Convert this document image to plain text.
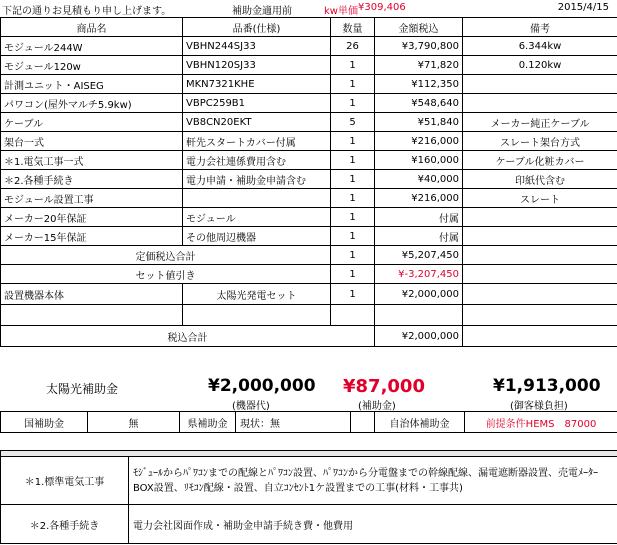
下記の通りお見積もり申し上げます。	補助金適用前	kw単価 ¥309,406	2015/4/15
商品名	品番(仕様)	数量	金額税込	備考
モジュール244W	VBHN244SJ33	26	¥3,790,800	6.344kw
モジュール120w	VBHN120SJ33	1	¥71,820	0.120kw
計測ユニット・AISEG	MKN7321KHE	1	¥112,350	
パワコン(屋外マルチ5.9kw)	VBPC259B1	1	¥548,640	
ケーブル	VB8CN20EKT	5	¥51,840	メーカー純正ケーブル
架台一式	軒先スタートカバー付属	1	¥216,000	スレート架台方式
＊1.電気工事一式	電力会社連係費用含む	1	¥160,000	ケーブル化粧カバー
＊2.各種手続き	電力申請・補助金申請含む	1	¥40,000	印紙代含む
モジュール設置工事		1	¥216,000	スレート
メーカー20年保証	モジュール	1	付属	
メーカー15年保証	その他周辺機器	1	付属	
定価税込合計		1	¥5,207,450	
セット値引き		1	¥-3,207,450	
設置機器本体	太陽光発電セット	1	¥2,000,000	

税込合計			¥2,000,000	
太陽光補助金	¥2,000,000
(機器代)
¥87,000
(補助金)
¥1,913,000
(御客様負担)
国補助金	無	県補助金	現状：無		自治体補助金	前提条件HEMS　87000

＊1.標準電気工事	ﾓｼﾞｭｰﾙからﾊﾟﾜｺﾝまでの配線とﾊﾟﾜｺﾝ設置、ﾊﾟﾜｺﾝから分電盤までの幹線配線、漏電遮断器設置、売電ﾒｰﾀｰBOX設置、ﾘﾓｺﾝ配線・設置、自立ｺﾝｾﾝﾄ1ケ設置までの工事(材料・工事共)
＊2.各種手続き	電力会社図面作成・補助金申請手続き費・他費用
